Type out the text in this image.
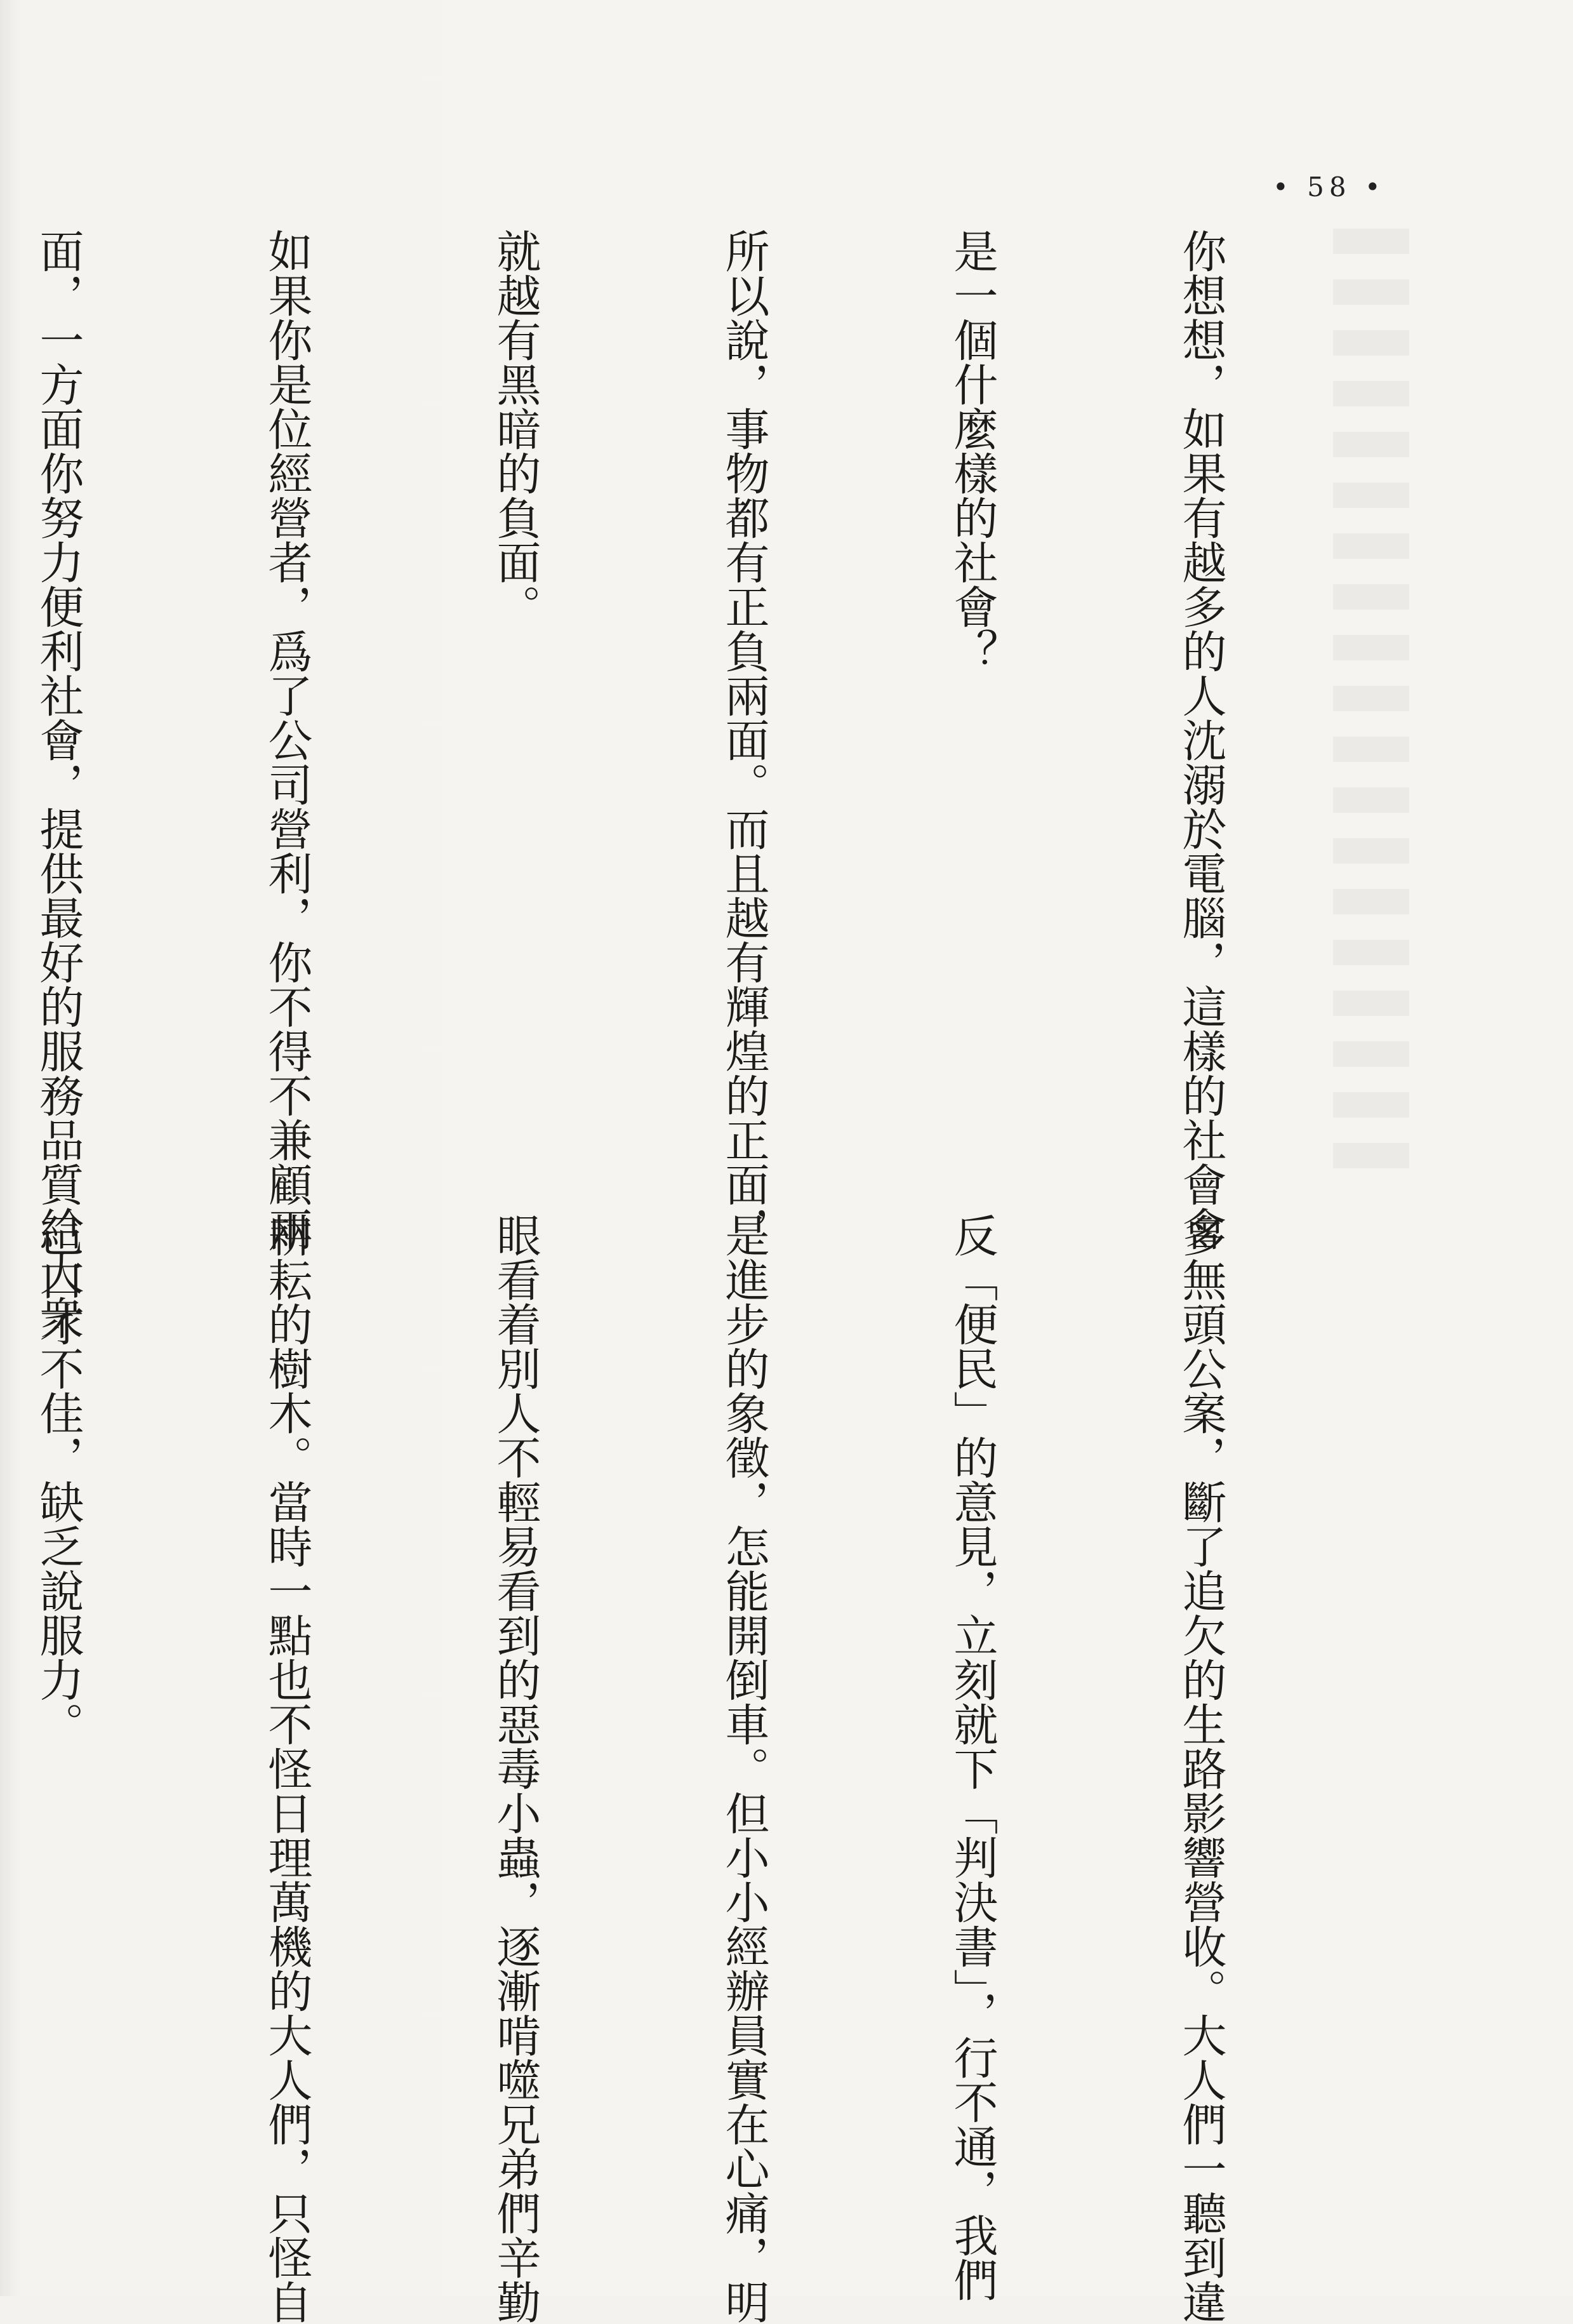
• 58 •

你想想，如果有越多的人沈溺於電腦，這樣的社會會

是一個什麼樣的社會？

所以說，事物都有正負兩面。而且越有輝煌的正面，

就越有黑暗的負面。

如果你是位經營者，爲了公司營利，你不得不兼顧兩

面，一方面你努力便利社會，提供最好的服務品質給大衆

多無頭公案，斷了追欠的生路影響營收。大人們一聽到違

反「便民」的意見，立刻就下「判決書」，行不通，我們

是進步的象徵，怎能開倒車。但小小經辦員實在心痛，明

眼看着別人不輕易看到的惡毒小蟲，逐漸啃噬兄弟們辛勤

耕耘的樹木。當時一點也不怪日理萬機的大人們，只怪自

己口才不佳，缺乏說服力。
